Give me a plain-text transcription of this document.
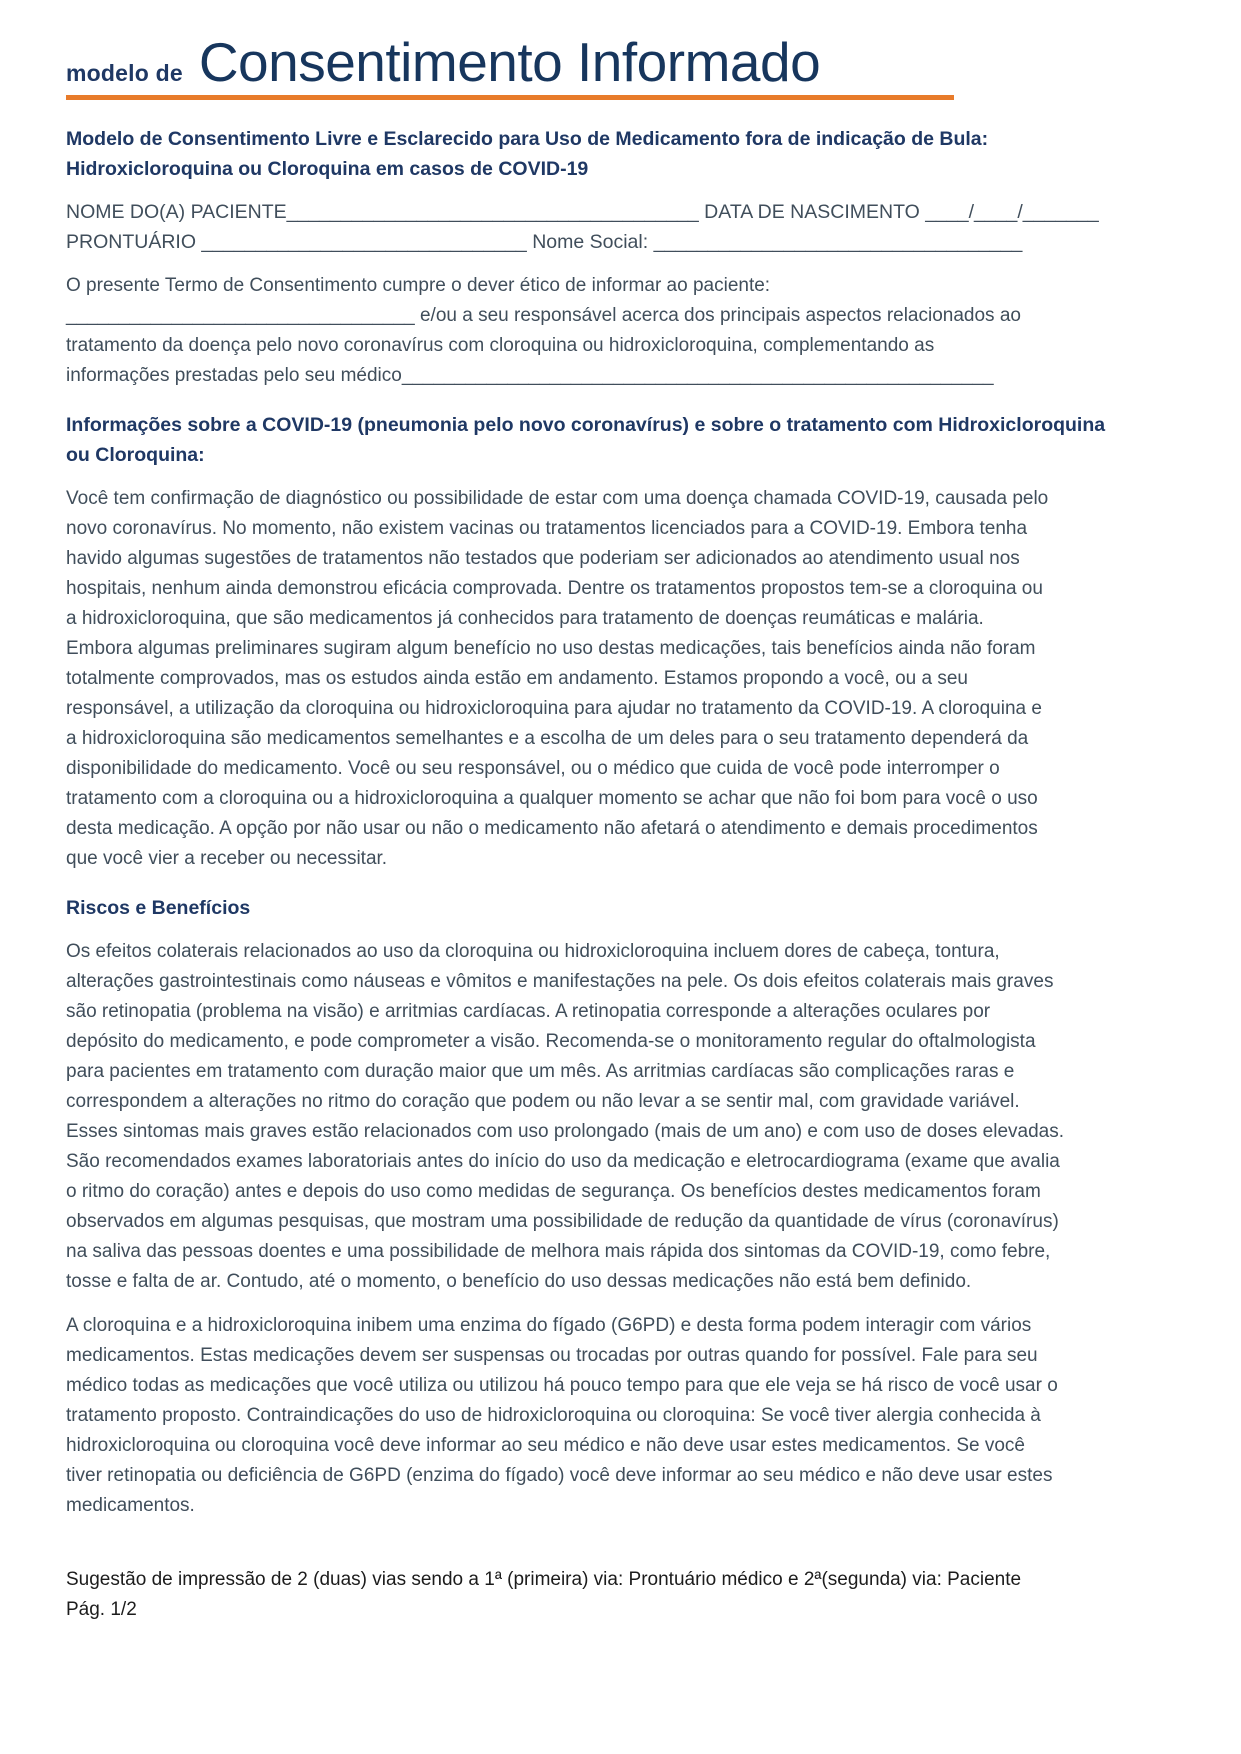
modelo de Consentimento Informado
Modelo de Consentimento Livre e Esclarecido para Uso de Medicamento fora de indicação de Bula:
Hidroxicloroquina ou Cloroquina em casos de COVID-19
NOME DO(A) PACIENTE______________________________________ DATA DE NASCIMENTO ____/____/_______
PRONTUÁRIO ______________________________ Nome Social: __________________________________
O presente Termo de Consentimento cumpre o dever ético de informar ao paciente:
_________________________________ e/ou a seu responsável acerca dos principais aspectos relacionados ao
tratamento da doença pelo novo coronavírus com cloroquina ou hidroxicloroquina, complementando as
informações prestadas pelo seu médico________________________________________________________
Informações sobre a COVID-19 (pneumonia pelo novo coronavírus) e sobre o tratamento com Hidroxicloroquina
ou Cloroquina:
Você tem confirmação de diagnóstico ou possibilidade de estar com uma doença chamada COVID-19, causada pelo
novo coronavírus. No momento, não existem vacinas ou tratamentos licenciados para a COVID-19. Embora tenha
havido algumas sugestões de tratamentos não testados que poderiam ser adicionados ao atendimento usual nos
hospitais, nenhum ainda demonstrou eficácia comprovada. Dentre os tratamentos propostos tem-se a cloroquina ou
a hidroxicloroquina, que são medicamentos já conhecidos para tratamento de doenças reumáticas e malária.
Embora algumas preliminares sugiram algum benefício no uso destas medicações, tais benefícios ainda não foram
totalmente comprovados, mas os estudos ainda estão em andamento. Estamos propondo a você, ou a seu
responsável, a utilização da cloroquina ou hidroxicloroquina para ajudar no tratamento da COVID-19. A cloroquina e
a hidroxicloroquina são medicamentos semelhantes e a escolha de um deles para o seu tratamento dependerá da
disponibilidade do medicamento. Você ou seu responsável, ou o médico que cuida de você pode interromper o
tratamento com a cloroquina ou a hidroxicloroquina a qualquer momento se achar que não foi bom para você o uso
desta medicação. A opção por não usar ou não o medicamento não afetará o atendimento e demais procedimentos
que você vier a receber ou necessitar.
Riscos e Benefícios
Os efeitos colaterais relacionados ao uso da cloroquina ou hidroxicloroquina incluem dores de cabeça, tontura,
alterações gastrointestinais como náuseas e vômitos e manifestações na pele. Os dois efeitos colaterais mais graves
são retinopatia (problema na visão) e arritmias cardíacas. A retinopatia corresponde a alterações oculares por
depósito do medicamento, e pode comprometer a visão. Recomenda-se o monitoramento regular do oftalmologista
para pacientes em tratamento com duração maior que um mês. As arritmias cardíacas são complicações raras e
correspondem a alterações no ritmo do coração que podem ou não levar a se sentir mal, com gravidade variável.
Esses sintomas mais graves estão relacionados com uso prolongado (mais de um ano) e com uso de doses elevadas.
São recomendados exames laboratoriais antes do início do uso da medicação e eletrocardiograma (exame que avalia
o ritmo do coração) antes e depois do uso como medidas de segurança. Os benefícios destes medicamentos foram
observados em algumas pesquisas, que mostram uma possibilidade de redução da quantidade de vírus (coronavírus)
na saliva das pessoas doentes e uma possibilidade de melhora mais rápida dos sintomas da COVID-19, como febre,
tosse e falta de ar. Contudo, até o momento, o benefício do uso dessas medicações não está bem definido.
A cloroquina e a hidroxicloroquina inibem uma enzima do fígado (G6PD) e desta forma podem interagir com vários
medicamentos. Estas medicações devem ser suspensas ou trocadas por outras quando for possível. Fale para seu
médico todas as medicações que você utiliza ou utilizou há pouco tempo para que ele veja se há risco de você usar o
tratamento proposto. Contraindicações do uso de hidroxicloroquina ou cloroquina: Se você tiver alergia conhecida à
hidroxicloroquina ou cloroquina você deve informar ao seu médico e não deve usar estes medicamentos. Se você
tiver retinopatia ou deficiência de G6PD (enzima do fígado) você deve informar ao seu médico e não deve usar estes
medicamentos.
Sugestão de impressão de 2 (duas) vias sendo a 1ª (primeira) via: Prontuário médico e 2ª(segunda) via: Paciente
Pág. 1/2
